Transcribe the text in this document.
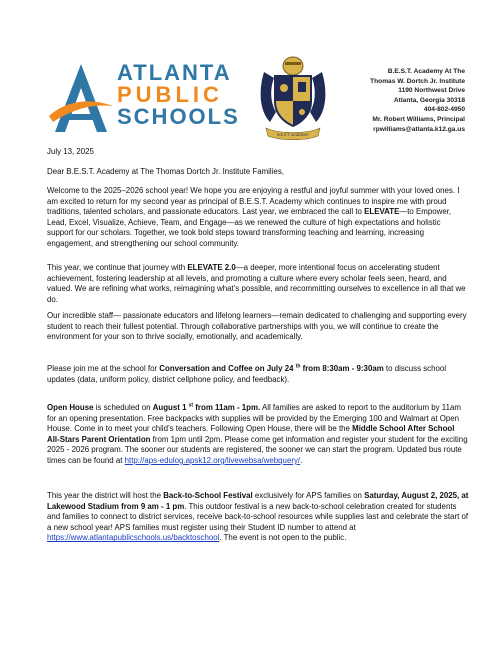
ATLANTA
PUBLIC
SCHOOLS
B.E.S.T. ACADEMY
B.E.S.T. Academy At The
Thomas W. Dortch Jr. Institute
1190 Northwest Drive
Atlanta, Georgia 30318
404-802-4950
Mr. Robert Williams, Principal
rpwilliams@atlanta.k12.ga.us
July 13, 2025
Dear B.E.S.T. Academy at The Thomas Dortch Jr. Institute Families,
Welcome to the 2025–2026 school year! We hope you are enjoying a restful and joyful summer with your loved ones. I am excited to return for my second year as principal of B.E.S.T. Academy which continues to inspire me with proud traditions, talented scholars, and passionate educators. Last year, we embraced the call to ELEVATE—to Empower, Lead, Excel, Visualize, Achieve, Team, and Engage—as we renewed the culture of high expectations and holistic support for our scholars. Together, we took bold steps toward transforming teaching and learning, increasing engagement, and strengthening our school community.
This year, we continue that journey with ELEVATE 2.0—a deeper, more intentional focus on accelerating student achievement, fostering leadership at all levels, and promoting a culture where every scholar feels seen, heard, and valued. We are refining what works, reimagining what’s possible, and recommitting ourselves to excellence in all that we do.
Our incredible staff— passionate educators and lifelong learners—remain dedicated to challenging and supporting every student to reach their fullest potential. Through collaborative partnerships with you, we will continue to create the environment for your son to thrive socially, emotionally, and academically.
Please join me at the school for Conversation and Coffee on July 24 $^{th}$ from 8:30am - 9:30am to discuss school updates (data, uniform policy, district cellphone policy, and feedback).
Open House is scheduled on August 1 $^{st}$ from 11am - 1pm. All families are asked to report to the auditorium by 11am for an opening presentation. Free backpacks with supplies will be provided by the Emerging 100 and Walmart at Open House. Come in to meet your child’s teachers. Following Open House, there will be the Middle School After School All-Stars Parent Orientation from 1pm until 2pm. Please come get information and register your student for the exciting 2025 - 2026 program. The sooner our students are registered, the sooner we can start the program. Updated bus route times can be found at http://aps-edulog.apsk12.org/livewebsa/webquery/.
This year the district will host the Back-to-School Festival exclusively for APS families on Saturday, August 2, 2025, at Lakewood Stadium from 9 am - 1 pm. This outdoor festival is a new back-to-school celebration created for students and families to connect to district services, receive back-to-school resources while supplies last and celebrate the start of a new school year! APS families must register using their Student ID number to attend at https://www.atlantapublicschools.us/backtoschool. The event is not open to the public.
